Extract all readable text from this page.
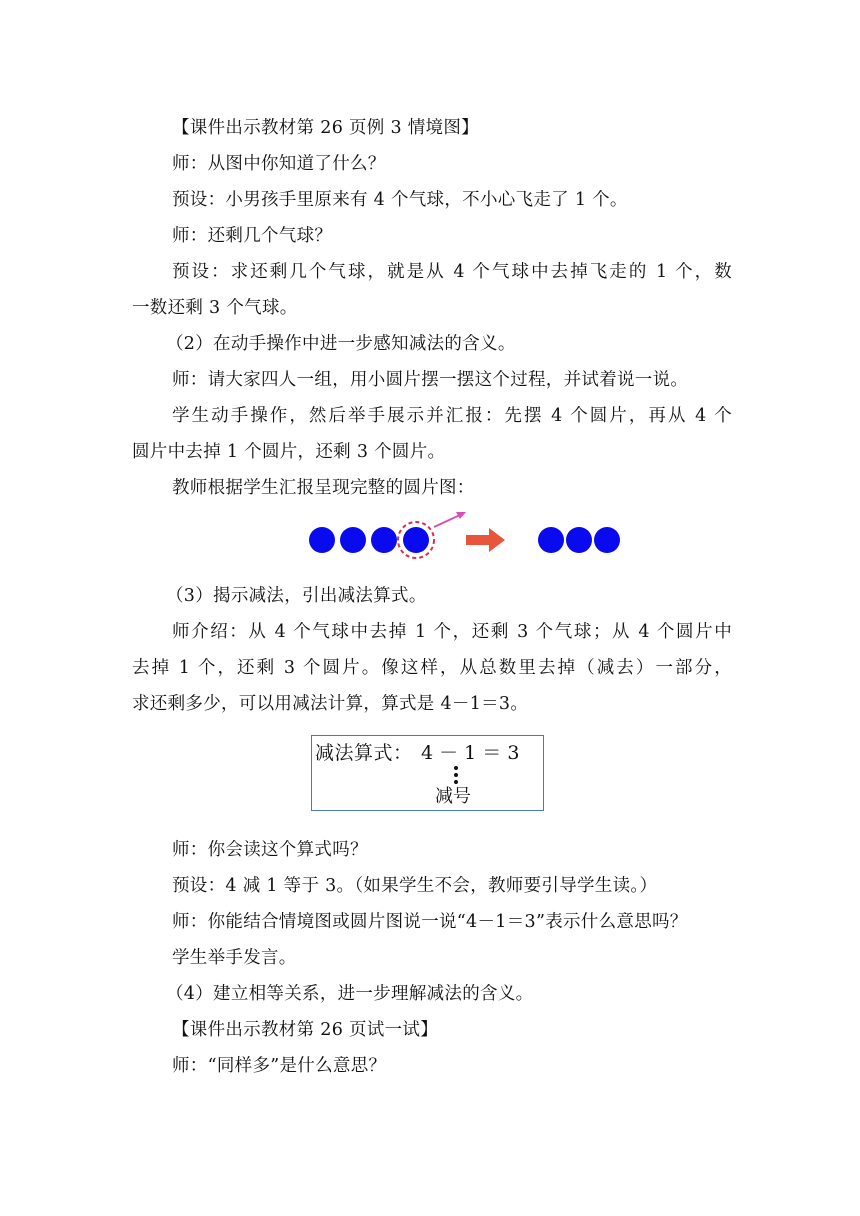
【课件出示教材第 26 页例 3 情境图】
师：从图中你知道了什么？
预设：小男孩手里原来有 4 个气球，不小心飞走了 1 个。
师：还剩几个气球？
预设：求还剩几个气球，就是从 4 个气球中去掉飞走的 1 个，数
一数还剩 3 个气球。
（2）在动手操作中进一步感知减法的含义。
师：请大家四人一组，用小圆片摆一摆这个过程，并试着说一说。
学生动手操作，然后举手展示并汇报：先摆 4 个圆片，再从 4 个
圆片中去掉 1 个圆片，还剩 3 个圆片。
教师根据学生汇报呈现完整的圆片图：
（3）揭示减法，引出减法算式。
师介绍：从 4 个气球中去掉 1 个，还剩 3 个气球；从 4 个圆片中
去掉 1 个，还剩 3 个圆片。像这样，从总数里去掉（减去）一部分，
求还剩多少，可以用减法计算，算式是 4－1＝3。
减法算式： 4 － 1 ＝ 3
减号
师：你会读这个算式吗？
预设：4 减 1 等于 3。（如果学生不会，教师要引导学生读。）
师：你能结合情境图或圆片图说一说“4－1＝3”表示什么意思吗？
学生举手发言。
（4）建立相等关系，进一步理解减法的含义。
【课件出示教材第 26 页试一试】
师：“同样多”是什么意思？
